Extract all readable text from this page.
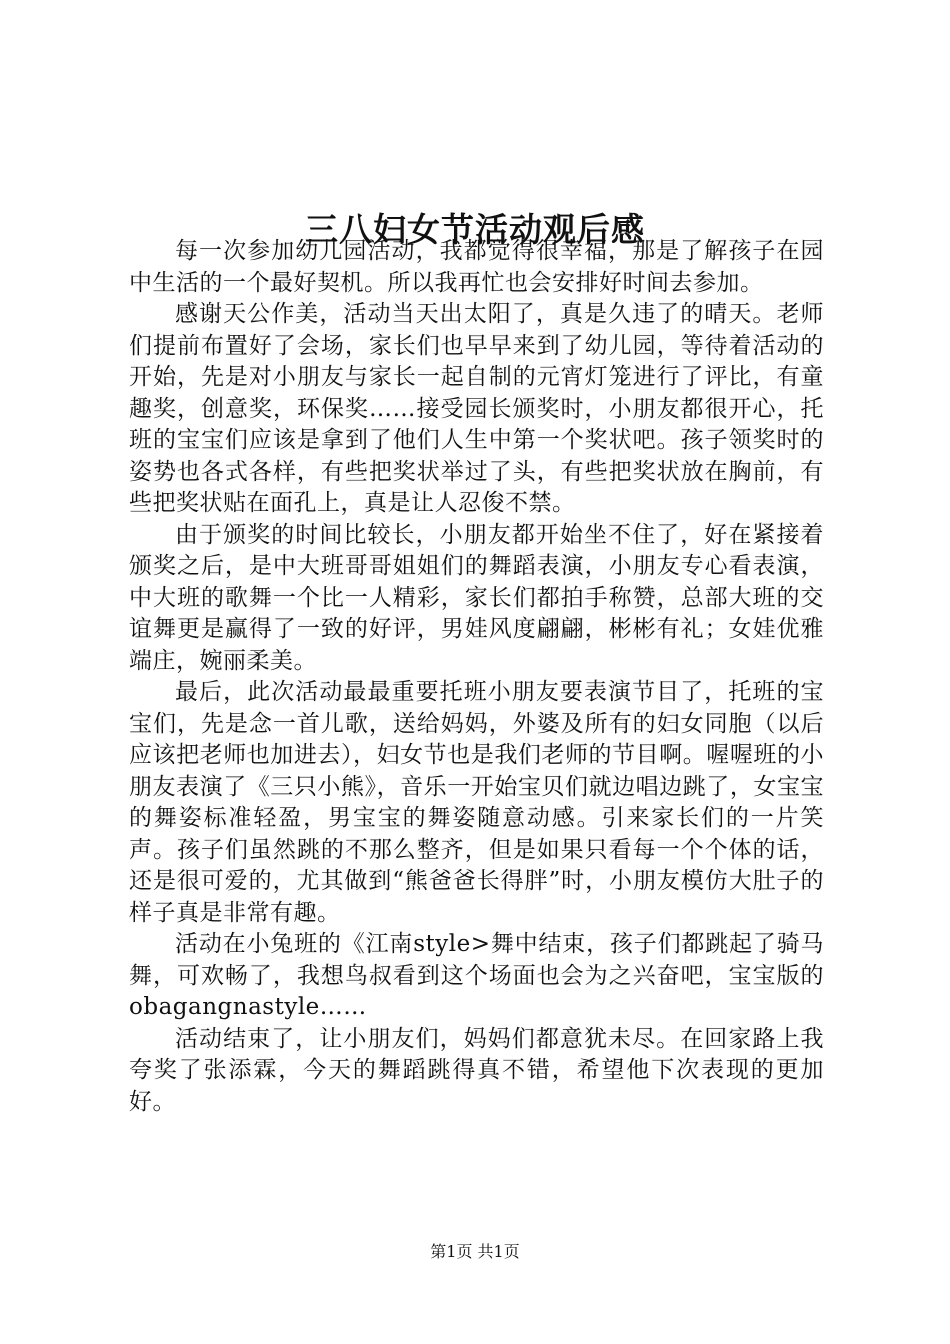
三八妇女节活动观后感

每一次参加幼儿园活动，我都觉得很幸福，那是了解孩子在园中生活的一个最好契机。所以我再忙也会安排好时间去参加。

感谢天公作美，活动当天出太阳了，真是久违了的晴天。老师们提前布置好了会场，家长们也早早来到了幼儿园，等待着活动的开始，先是对小朋友与家长一起自制的元宵灯笼进行了评比，有童趣奖，创意奖，环保奖……接受园长颁奖时，小朋友都很开心，托班的宝宝们应该是拿到了他们人生中第一个奖状吧。孩子领奖时的姿势也各式各样，有些把奖状举过了头，有些把奖状放在胸前，有些把奖状贴在面孔上，真是让人忍俊不禁。

由于颁奖的时间比较长，小朋友都开始坐不住了，好在紧接着颁奖之后，是中大班哥哥姐姐们的舞蹈表演，小朋友专心看表演，中大班的歌舞一个比一人精彩，家长们都拍手称赞，总部大班的交谊舞更是赢得了一致的好评，男娃风度翩翩，彬彬有礼；女娃优雅端庄，婉丽柔美。

最后，此次活动最最重要托班小朋友要表演节目了，托班的宝宝们，先是念一首儿歌，送给妈妈，外婆及所有的妇女同胞（以后应该把老师也加进去），妇女节也是我们老师的节目啊。喔喔班的小朋友表演了《三只小熊》，音乐一开始宝贝们就边唱边跳了，女宝宝的舞姿标准轻盈，男宝宝的舞姿随意动感。引来家长们的一片笑声。孩子们虽然跳的不那么整齐，但是如果只看每一个个体的话，还是很可爱的，尤其做到“熊爸爸长得胖”时，小朋友模仿大肚子的样子真是非常有趣。

活动在小兔班的《江南style>舞中结束，孩子们都跳起了骑马舞，可欢畅了，我想鸟叔看到这个场面也会为之兴奋吧，宝宝版的obagangnastyle……

活动结束了，让小朋友们，妈妈们都意犹未尽。在回家路上我夸奖了张添霖，今天的舞蹈跳得真不错，希望他下次表现的更加好。

第1页 共1页
